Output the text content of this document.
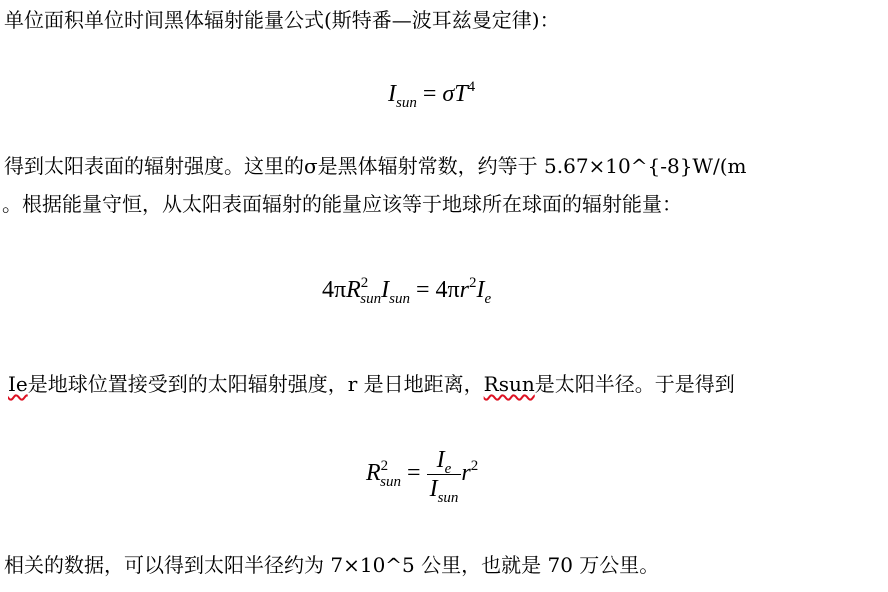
单位面积单位时间黑体辐射能量公式(斯特番—波耳兹曼定律)：
$I_{sun} = \sigma T^4$
得到太阳表面的辐射强度。这里的σ是黑体辐射常数，约等于 5.67×10^{-8}W/(m
。根据能量守恒，从太阳表面辐射的能量应该等于地球所在球面的辐射能量：
$4\pi R^2_{sun}I_{sun} = 4\pi r^2I_e$
Ie是地球位置接受到的太阳辐射强度，r 是日地距离，Rsun是太阳半径。于是得到
$R^2_{sun} = \frac{I_e}{I_{sun}} r^2$
相关的数据，可以得到太阳半径约为 7×10^5 公里，也就是 70 万公里。
